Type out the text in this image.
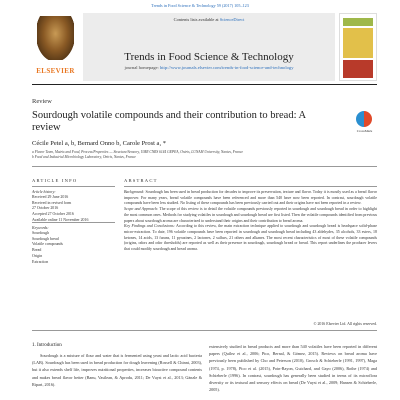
Trends in Food Science & Technology 59 (2017) 105–123
ELSEVIER
Contents lists available at ScienceDirect
Trends in Food Science & Technology
journal homepage: http://www.journals.elsevier.com/trends-in-food-science-and-technology
Review
Sourdough volatile compounds and their contribution to bread: A review	CrossMark
Cécile Petel a, b, Bernard Onno b, Carole Prost a, *
a Flavor Team, Matrix and Food, Process/Properties — Structure/Sensory, UMR CNRS 6144 GEPEA, Oniris, LUNAM University, Nantes, France
b Food and Industrial Microbiology Laboratory, Oniris, Nantes, France
ARTICLE INFO
Article history:
Received 29 June 2016
Received in revised form
27 October 2016
Accepted 27 October 2016
Available online 11 November 2016
Keywords:
Sourdough
Sourdough bread
Volatile compounds
Bread
Origin
Extraction
ABSTRACT

Background: Sourdough has been used in bread production for decades to improve its preservation, texture and flavor. Today it is mostly used as a bread flavor improver. For many years, bread volatile compounds have been referenced and more than 540 have now been reported. In contrast, sourdough volatile compounds have been less studied. No listing of these compounds has been previously carried out and their origins have not been reported in a review.

Scope and Approach: The scope of this review is to detail the volatile compounds previously reported in sourdough and sourdough bread in order to highlight the most common ones. Methods for studying volatiles in sourdough and sourdough bread are first listed. Then the volatile compounds identified from previous papers about sourdough aroma are characterized to understand their origins and their contribution to bread aroma.

Key Findings and Conclusions: According to this review, the main extraction technique applied to sourdough and sourdough bread is headspace solid-phase micro-extraction. To date, 196 volatile compounds have been reported in sourdough and sourdough bread including 43 aldehydes, 35 alcohols, 33 esters, 18 ketones, 14 acids, 13 furans, 11 pyrazines, 2 lactones, 2 sulfurs, 21 others and alkanes. The most recent characteristics of most of these volatile compounds (origins, odors and odor thresholds) are reported as well as their presence in sourdough, sourdough bread or bread. This report underlines the producer levers that could modify sourdough and bread aroma.

© 2016 Elsevier Ltd. All rights reserved.
1. Introduction
Sourdough is a mixture of flour and water that is fermented using yeast and lactic acid bacteria (LAB). Sourdough has been used in bread production for dough leavening (Rossell & Chinni, 2003), but it also extends shelf life, improves nutritional properties, increases bioactive compound contents and makes bread flavor better (Banu, Vasilean, & Aprodu, 2011; De Vuyst et al., 2013; Gänzle & Ripari, 2016).
extensively studied in bread products and more than 540 volatiles have been reported in different papers (Quílez et al., 2006; Pico, Bernal, & Gómez, 2015). Reviews on bread aroma have previously been published by Cho and Peterson (2010), Grosch & Schieberle (1991, 1997), Maga (1974, p. 1978), Pico et al. (2015), Poin-Rayon, Guichard, and Gayo (2006), Rothe (1974) and Schieberle (1996). In contrast, sourdough has generally been studied in terms of its microflora diversity or its textural and sensory effects on bread (De Vuyst et al., 2009; Hansen & Schieberle, 2005).
